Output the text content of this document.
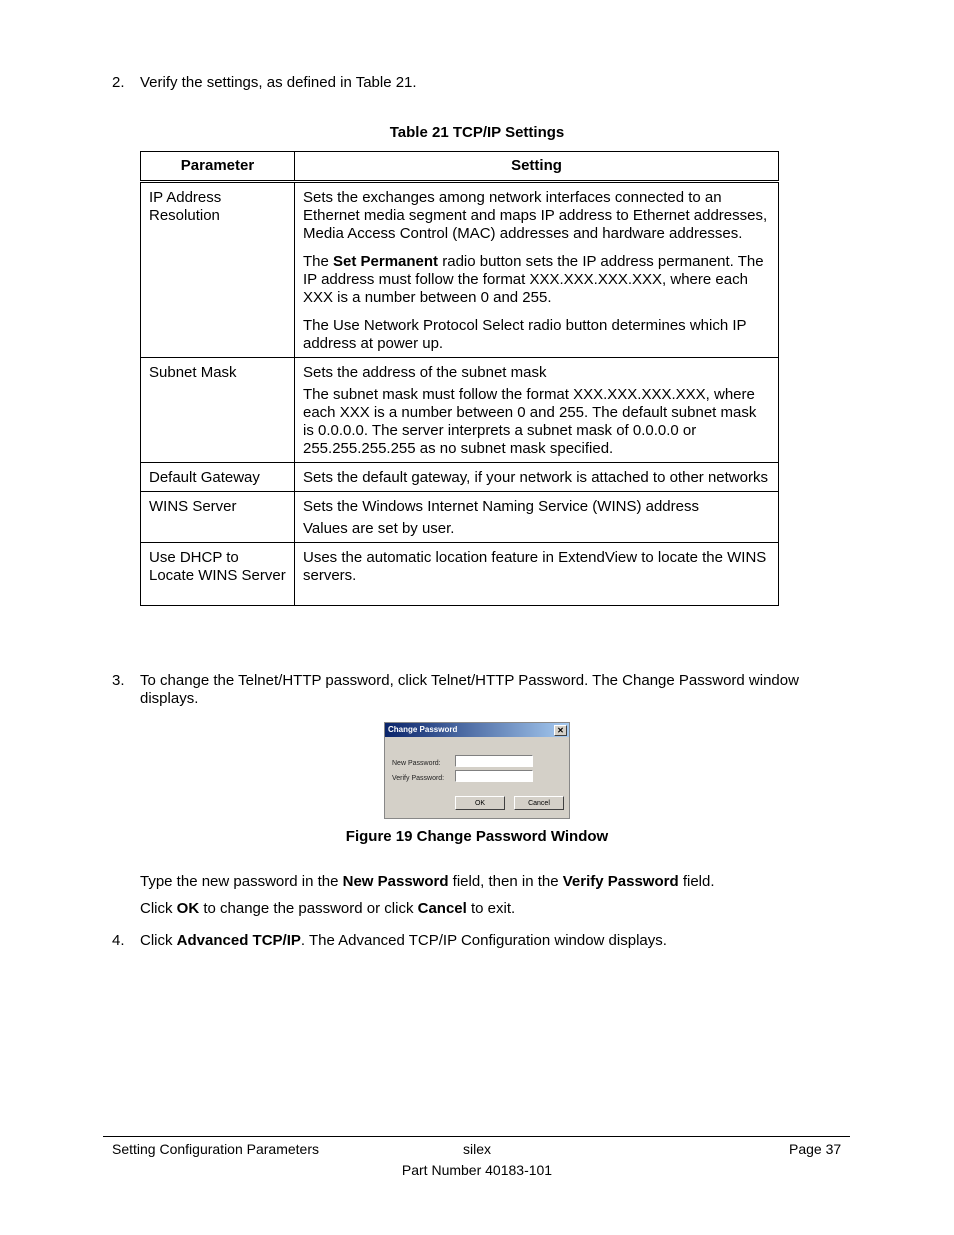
2.	Verify the settings, as defined in Table 21.
Table 21 TCP/IP Settings
Parameter	Setting
IP Address Resolution	Sets the exchanges among network interfaces connected to an Ethernet media segment and maps IP address to Ethernet addresses, Media Access Control (MAC) addresses and hardware addresses.

The Set Permanent radio button sets the IP address permanent. The IP address must follow the format XXX.XXX.XXX.XXX, where each XXX is a number between 0 and 255.

The Use Network Protocol Select radio button determines which IP address at power up.

Subnet Mask	Sets the address of the subnet mask

The subnet mask must follow the format XXX.XXX.XXX.XXX, where each XXX is a number between 0 and 255. The default subnet mask is 0.0.0.0. The server interprets a subnet mask of 0.0.0.0 or 255.255.255.255 as no subnet mask specified.

Default Gateway	Sets the default gateway, if your network is attached to other networks

WINS Server	Sets the Windows Internet Naming Service (WINS) address

Values are set by user.

Use DHCP to Locate WINS Server	Uses the automatic location feature in ExtendView to locate the WINS servers.

3.	To change the Telnet/HTTP password, click Telnet/HTTP Password. The Change Password window
displays.
Change Password	✕
New Password:
Verify Password:
OK	Cancel
Figure 19 Change Password Window
Type the new password in the New Password field, then in the Verify Password field.
Click OK to change the password or click Cancel to exit.
4.	Click Advanced TCP/IP. The Advanced TCP/IP Configuration window displays.
Setting Configuration Parameters	silex	Page 37
Part Number 40183-101
